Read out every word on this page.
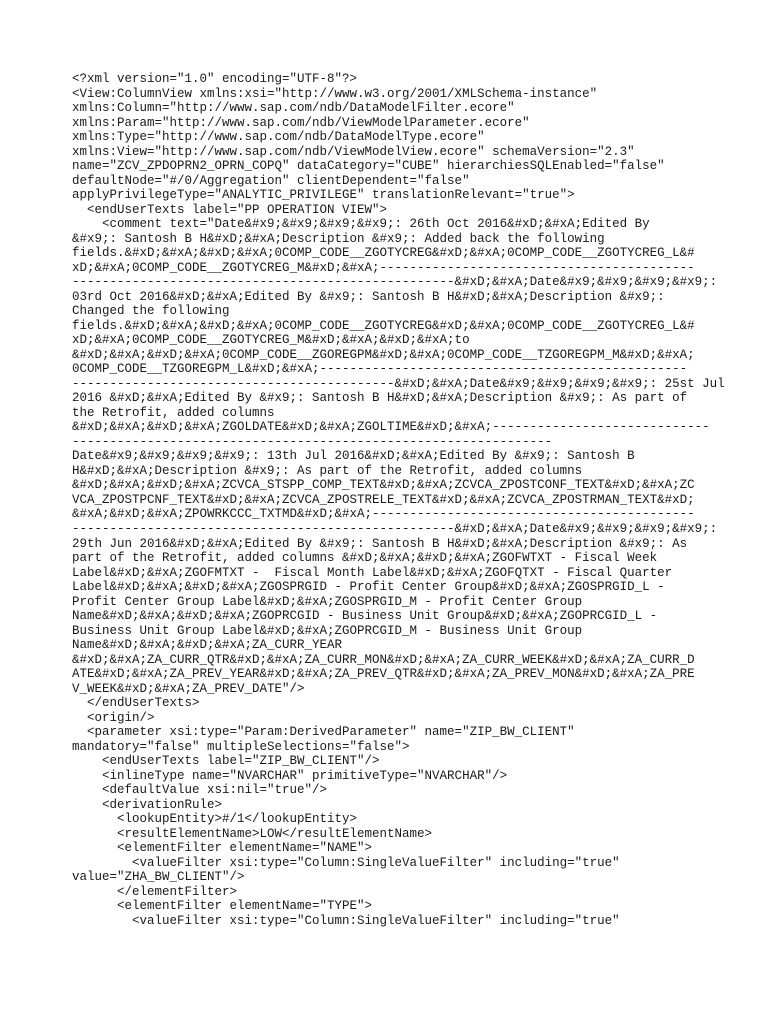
<?xml version="1.0" encoding="UTF-8"?>
<View:ColumnView xmlns:xsi="http://www.w3.org/2001/XMLSchema-instance"
xmlns:Column="http://www.sap.com/ndb/DataModelFilter.ecore"
xmlns:Param="http://www.sap.com/ndb/ViewModelParameter.ecore"
xmlns:Type="http://www.sap.com/ndb/DataModelType.ecore"
xmlns:View="http://www.sap.com/ndb/ViewModelView.ecore" schemaVersion="2.3"
name="ZCV_ZPDOPRN2_OPRN_COPQ" dataCategory="CUBE" hierarchiesSQLEnabled="false"
defaultNode="#/0/Aggregation" clientDependent="false"
applyPrivilegeType="ANALYTIC_PRIVILEGE" translationRelevant="true">
<endUserTexts label="PP OPERATION VIEW">
<comment text="Date&#x9;&#x9;&#x9;&#x9;: 26th Oct 2016&#xD;&#xA;Edited By
&#x9;: Santosh B H&#xD;&#xA;Description &#x9;: Added back the following
fields.&#xD;&#xA;&#xD;&#xA;0COMP_CODE__ZGOTYCREG&#xD;&#xA;0COMP_CODE__ZGOTYCREG_L&#
xD;&#xA;0COMP_CODE__ZGOTYCREG_M&#xD;&#xA;------------------------------------------
---------------------------------------------------&#xD;&#xA;Date&#x9;&#x9;&#x9;&#x9;:
03rd Oct 2016&#xD;&#xA;Edited By &#x9;: Santosh B H&#xD;&#xA;Description &#x9;:
Changed the following
fields.&#xD;&#xA;&#xD;&#xA;0COMP_CODE__ZGOTYCREG&#xD;&#xA;0COMP_CODE__ZGOTYCREG_L&#
xD;&#xA;0COMP_CODE__ZGOTYCREG_M&#xD;&#xA;&#xD;&#xA;to
&#xD;&#xA;&#xD;&#xA;0COMP_CODE__ZGOREGPM&#xD;&#xA;0COMP_CODE__TZGOREGPM_M&#xD;&#xA;
0COMP_CODE__TZGOREGPM_L&#xD;&#xA;-------------------------------------------------
-------------------------------------------&#xD;&#xA;Date&#x9;&#x9;&#x9;&#x9;: 25st Jul
2016 &#xD;&#xA;Edited By &#x9;: Santosh B H&#xD;&#xA;Description &#x9;: As part of
the Retrofit, added columns
&#xD;&#xA;&#xD;&#xA;ZGOLDATE&#xD;&#xA;ZGOLTIME&#xD;&#xA;-----------------------------
----------------------------------------------------------------
Date&#x9;&#x9;&#x9;&#x9;: 13th Jul 2016&#xD;&#xA;Edited By &#x9;: Santosh B
H&#xD;&#xA;Description &#x9;: As part of the Retrofit, added columns
&#xD;&#xA;&#xD;&#xA;ZCVCA_STSPP_COMP_TEXT&#xD;&#xA;ZCVCA_ZPOSTCONF_TEXT&#xD;&#xA;ZC
VCA_ZPOSTPCNF_TEXT&#xD;&#xA;ZCVCA_ZPOSTRELE_TEXT&#xD;&#xA;ZCVCA_ZPOSTRMAN_TEXT&#xD;
&#xA;&#xD;&#xA;ZPOWRKCCC_TXTMD&#xD;&#xA;-------------------------------------------
---------------------------------------------------&#xD;&#xA;Date&#x9;&#x9;&#x9;&#x9;:
29th Jun 2016&#xD;&#xA;Edited By &#x9;: Santosh B H&#xD;&#xA;Description &#x9;: As
part of the Retrofit, added columns &#xD;&#xA;&#xD;&#xA;ZGOFWTXT - Fiscal Week
Label&#xD;&#xA;ZGOFMTXT -  Fiscal Month Label&#xD;&#xA;ZGOFQTXT - Fiscal Quarter
Label&#xD;&#xA;&#xD;&#xA;ZGOSPRGID - Profit Center Group&#xD;&#xA;ZGOSPRGID_L -
Profit Center Group Label&#xD;&#xA;ZGOSPRGID_M - Profit Center Group
Name&#xD;&#xA;&#xD;&#xA;ZGOPRCGID - Business Unit Group&#xD;&#xA;ZGOPRCGID_L -
Business Unit Group Label&#xD;&#xA;ZGOPRCGID_M - Business Unit Group
Name&#xD;&#xA;&#xD;&#xA;ZA_CURR_YEAR
&#xD;&#xA;ZA_CURR_QTR&#xD;&#xA;ZA_CURR_MON&#xD;&#xA;ZA_CURR_WEEK&#xD;&#xA;ZA_CURR_D
ATE&#xD;&#xA;ZA_PREV_YEAR&#xD;&#xA;ZA_PREV_QTR&#xD;&#xA;ZA_PREV_MON&#xD;&#xA;ZA_PRE
V_WEEK&#xD;&#xA;ZA_PREV_DATE"/>
</endUserTexts>
<origin/>
<parameter xsi:type="Param:DerivedParameter" name="ZIP_BW_CLIENT"
mandatory="false" multipleSelections="false">
<endUserTexts label="ZIP_BW_CLIENT"/>
<inlineType name="NVARCHAR" primitiveType="NVARCHAR"/>
<defaultValue xsi:nil="true"/>
<derivationRule>
<lookupEntity>#/1</lookupEntity>
<resultElementName>LOW</resultElementName>
<elementFilter elementName="NAME">
<valueFilter xsi:type="Column:SingleValueFilter" including="true"
value="ZHA_BW_CLIENT"/>
</elementFilter>
<elementFilter elementName="TYPE">
<valueFilter xsi:type="Column:SingleValueFilter" including="true"
